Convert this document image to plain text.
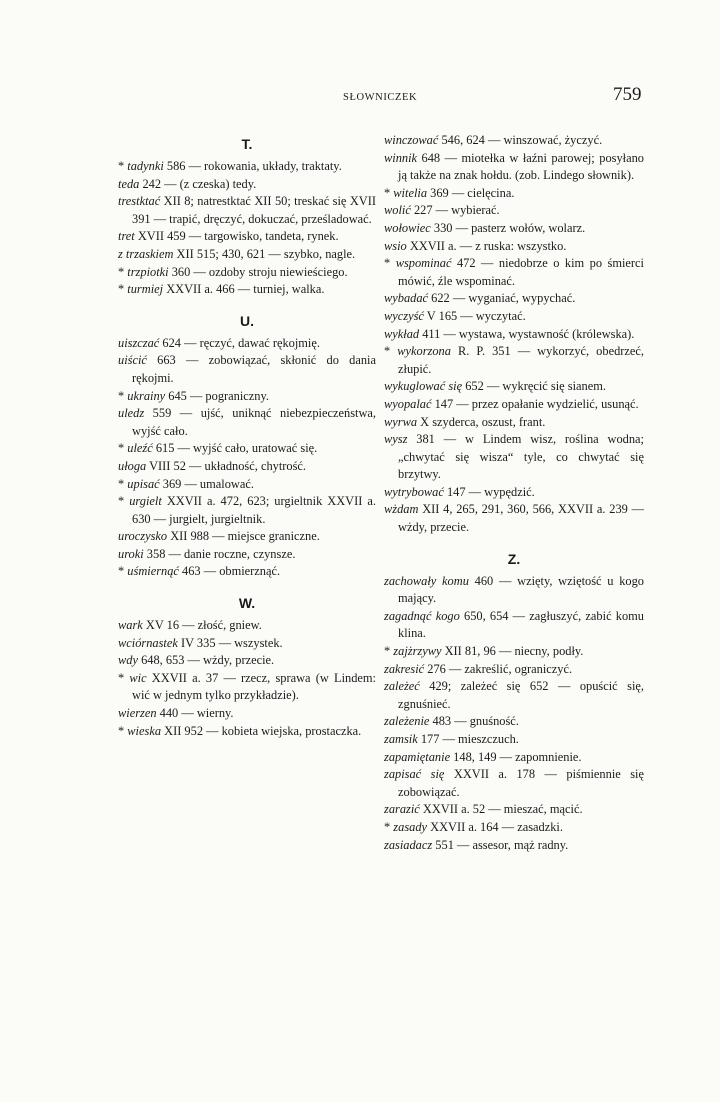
SŁOWNICZEK	759
T.
* tadynki 586 — rokowania, układy, traktaty.
teda 242 — (z czeska) tedy.
trestktać XII 8; natrestktać XII 50; treskać się XVII 391 — trapić, dręczyć, dokuczać, prześladować.
tret XVII 459 — targowisko, tandeta, rynek.
z trzaskiem XII 515; 430, 621 — szybko, nagle.
* trzpiotki 360 — ozdoby stroju niewieściego.
* turmiej XXVII a. 466 — turniej, walka.
U.
uiszczać 624 — ręczyć, dawać rękojmię.
uiścić 663 — zobowiązać, skłonić do dania rękojmi.
* ukrainy 645 — pograniczny.
uledz 559 — ujść, uniknąć niebezpieczeństwa, wyjść cało.
* uleźć 615 — wyjść cało, uratować się.
ułoga VIII 52 — układność, chytrość.
* upisać 369 — umalować.
* urgielt XXVII a. 472, 623; urgieltnik XXVII a. 630 — jurgielt, jurgieltnik.
uroczysko XII 988 — miejsce graniczne.
uroki 358 — danie roczne, czynsze.
* uśmiernąć 463 — obmierznąć.
W.
wark XV 16 — złość, gniew.
wciórnastek IV 335 — wszystek.
wdy 648, 653 — wżdy, przecie.
* wic XXVII a. 37 — rzecz, sprawa (w Lindem: wić w jednym tylko przykładzie).
wierzen 440 — wierny.
* wieska XII 952 — kobieta wiejska, prostaczka.
winczować 546, 624 — winszować, życzyć.
winnik 648 — miotełka w łaźni parowej; posyłano ją także na znak hołdu. (zob. Lindego słownik).
* witelia 369 — cielęcina.
wolić 227 — wybierać.
wołowiec 330 — pasterz wołów, wolarz.
wsio XXVII a. — z ruska: wszystko.
* wspominać 472 — niedobrze o kim po śmierci mówić, źle wspominać.
wybadać 622 — wyganiać, wypychać.
wyczyść V 165 — wyczytać.
wykład 411 — wystawa, wystawność (królewska).
* wykorzona R. P. 351 — wykorzyć, obedrzeć, złupić.
wykuglować się 652 — wykręcić się sianem.
wyopalać 147 — przez opałanie wydzielić, usunąć.
wyrwa X szyderca, oszust, frant.
wysz 381 — w Lindem wisz, roślina wodna; „chwytać się wisza“ tyle, co chwytać się brzytwy.
wytrybować 147 — wypędzić.
wżdam XII 4, 265, 291, 360, 566, XXVII a. 239 — wżdy, przecie.
Z.
zachowały komu 460 — wzięty, wziętość u kogo mający.
zagadnąć kogo 650, 654 — zagłuszyć, zabić komu klina.
* zajżrzywy XII 81, 96 — niecny, podły.
zakresić 276 — zakreślić, ograniczyć.
zależeć 429; zależeć się 652 — opuścić się, zgnuśnieć.
zależenie 483 — gnuśność.
zamsik 177 — mieszczuch.
zapamiętanie 148, 149 — zapomnienie.
zapisać się XXVII a. 178 — piśmiennie się zobowiązać.
zarazić XXVII a. 52 — mieszać, mącić.
* zasady XXVII a. 164 — zasadzki.
zasiadacz 551 — assesor, mąż radny.
